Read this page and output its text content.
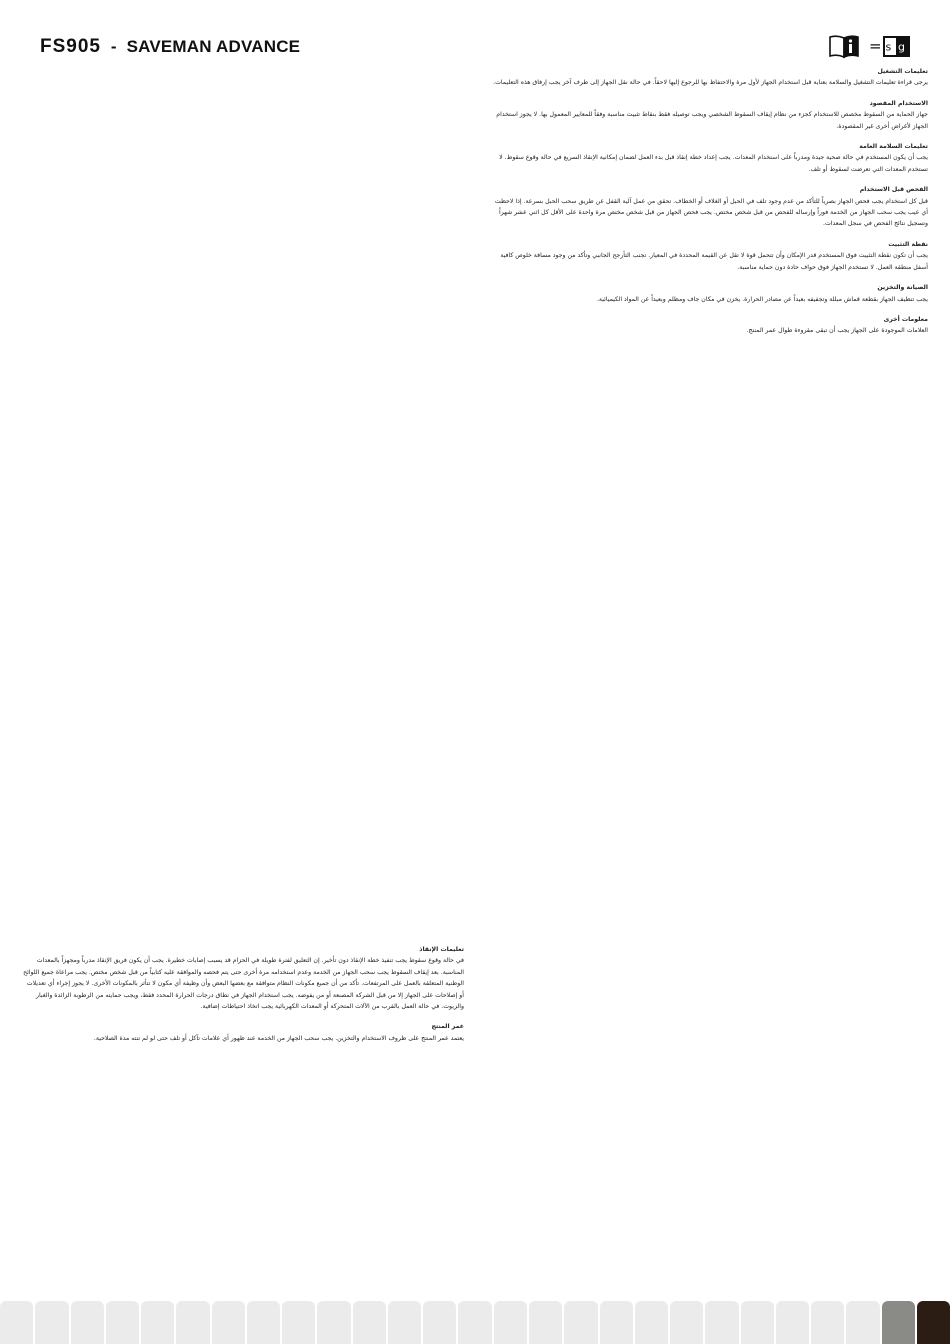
FS905 - SAVEMAN ADVANCE	= s g

تعليمات التشغيل

يرجى قراءة تعليمات التشغيل والسلامة بعناية قبل استخدام الجهاز لأول مرة والاحتفاظ بها للرجوع إليها لاحقاً. في حالة نقل الجهاز إلى طرف آخر يجب إرفاق هذه التعليمات.

الاستخدام المقصود

جهاز الحماية من السقوط مخصص للاستخدام كجزء من نظام إيقاف السقوط الشخصي ويجب توصيله فقط بنقاط تثبيت مناسبة وفقاً للمعايير المعمول بها. لا يجوز استخدام الجهاز لأغراض أخرى غير المقصودة.

تعليمات السلامة العامة

يجب أن يكون المستخدم في حالة صحية جيدة ومدرباً على استخدام المعدات. يجب إعداد خطة إنقاذ قبل بدء العمل لضمان إمكانية الإنقاذ السريع في حالة وقوع سقوط. لا تستخدم المعدات التي تعرضت لسقوط أو تلف.

الفحص قبل الاستخدام

قبل كل استخدام يجب فحص الجهاز بصرياً للتأكد من عدم وجود تلف في الحبل أو الغلاف أو الخطاف. تحقق من عمل آلية القفل عن طريق سحب الحبل بسرعة. إذا لاحظت أي عيب يجب سحب الجهاز من الخدمة فوراً وإرساله للفحص من قبل شخص مختص. يجب فحص الجهاز من قبل شخص مختص مرة واحدة على الأقل كل اثني عشر شهراً وتسجيل نتائج الفحص في سجل المعدات.

نقطة التثبيت

يجب أن تكون نقطة التثبيت فوق المستخدم قدر الإمكان وأن تتحمل قوة لا تقل عن القيمة المحددة في المعيار. تجنب التأرجح الجانبي وتأكد من وجود مسافة خلوص كافية أسفل منطقة العمل. لا تستخدم الجهاز فوق حواف حادة دون حماية مناسبة.

الصيانة والتخزين

يجب تنظيف الجهاز بقطعة قماش مبللة وتجفيفه بعيداً عن مصادر الحرارة. يخزن في مكان جاف ومظلم وبعيداً عن المواد الكيميائية.

معلومات أخرى

العلامات الموجودة على الجهاز يجب أن تبقى مقروءة طوال عمر المنتج.

تعليمات الإنقاذ

في حالة وقوع سقوط يجب تنفيذ خطة الإنقاذ دون تأخير. إن التعليق لفترة طويلة في الحزام قد يسبب إصابات خطيرة. يجب أن يكون فريق الإنقاذ مدرباً ومجهزاً بالمعدات المناسبة. بعد إيقاف السقوط يجب سحب الجهاز من الخدمة وعدم استخدامه مرة أخرى حتى يتم فحصه والموافقة عليه كتابياً من قبل شخص مختص. يجب مراعاة جميع اللوائح الوطنية المتعلقة بالعمل على المرتفعات. تأكد من أن جميع مكونات النظام متوافقة مع بعضها البعض وأن وظيفة أي مكون لا تتأثر بالمكونات الأخرى. لا يجوز إجراء أي تعديلات أو إصلاحات على الجهاز إلا من قبل الشركة المصنعة أو من يفوضه. يجب استخدام الجهاز في نطاق درجات الحرارة المحدد فقط، ويجب حمايته من الرطوبة الزائدة والغبار والزيوت. في حالة العمل بالقرب من الآلات المتحركة أو المعدات الكهربائية يجب اتخاذ احتياطات إضافية.

عمر المنتج

يعتمد عمر المنتج على ظروف الاستخدام والتخزين. يجب سحب الجهاز من الخدمة عند ظهور أي علامات تآكل أو تلف حتى لو لم تنته مدة الصلاحية.
